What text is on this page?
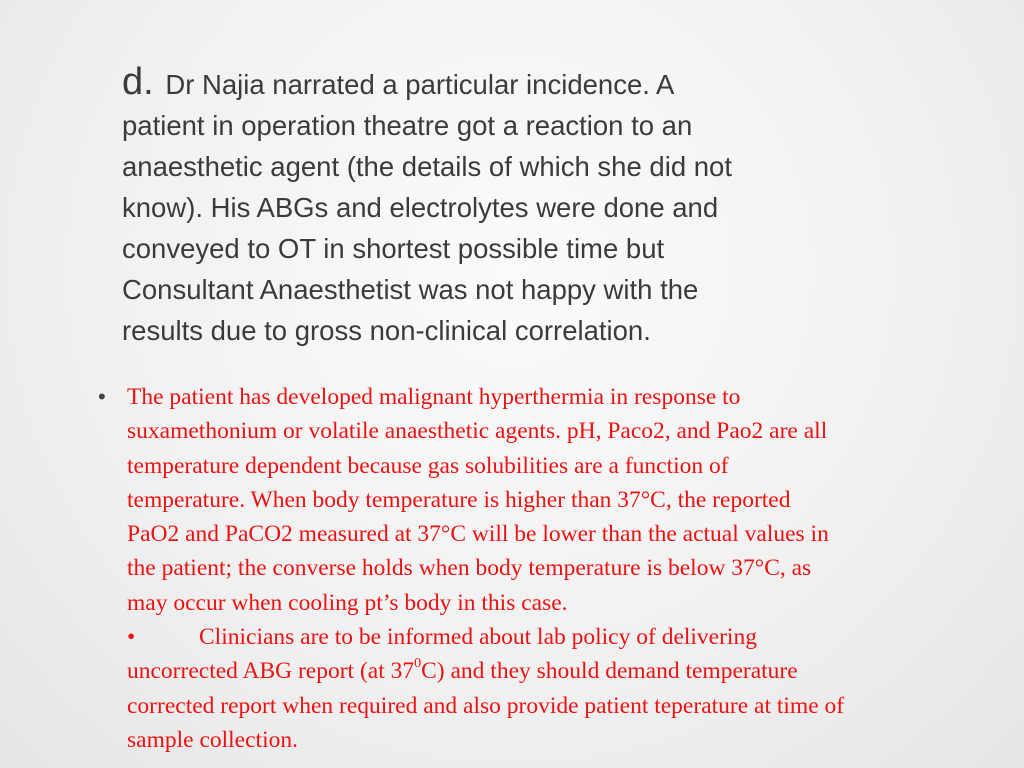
d. Dr Najia narrated a particular incidence. A
patient in operation theatre got a reaction to an
anaesthetic agent (the details of which she did not
know). His ABGs and electrolytes were done and
conveyed to OT in shortest possible time but
Consultant Anaesthetist was not happy with the
results due to gross non-clinical correlation.
• The patient has developed malignant hyperthermia in response to
suxamethonium or volatile anaesthetic agents. pH, Paco2, and Pao2 are all
temperature dependent because gas solubilities are a function of
temperature. When body temperature is higher than 37°C, the reported
PaO2 and PaCO2 measured at 37°C will be lower than the actual values in
the patient; the converse holds when body temperature is below 37°C, as
may occur when cooling pt’s body in this case.
•	Clinicians are to be informed about lab policy of delivering
uncorrected ABG report (at $37^0C$) and they should demand temperature
corrected report when required and also provide patient teperature at time of
sample collection.
